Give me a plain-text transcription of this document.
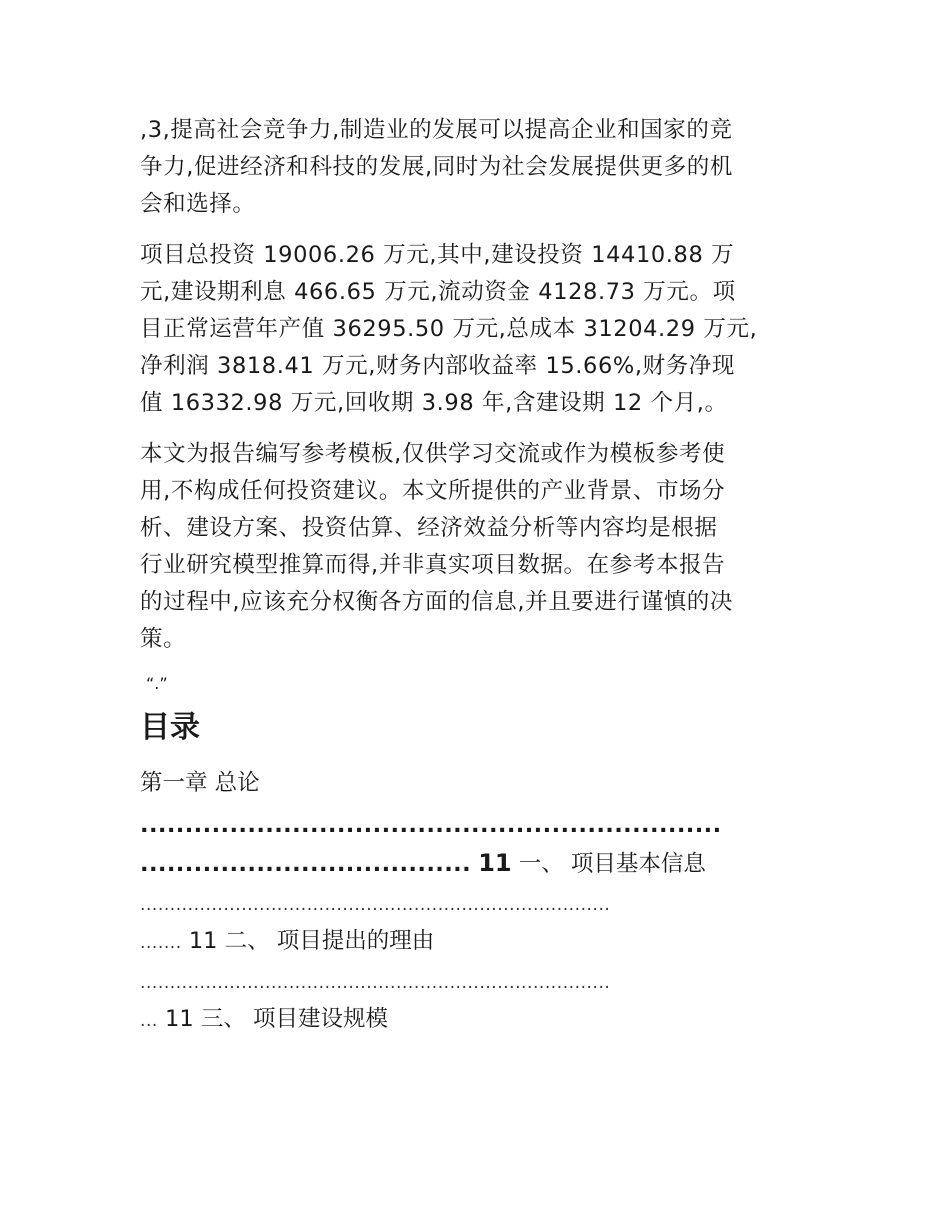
,3,提高社会竞争力,制造业的发展可以提高企业和国家的竞
争力,促进经济和科技的发展,同时为社会发展提供更多的机
会和选择。

项目总投资 19006.26 万元,其中,建设投资 14410.88 万
元,建设期利息 466.65 万元,流动资金 4128.73 万元。项
目正常运营年产值 36295.50 万元,总成本 31204.29 万元,
净利润 3818.41 万元,财务内部收益率 15.66%,财务净现
值 16332.98 万元,回收期 3.98 年,含建设期 12 个月,。

本文为报告编写参考模板,仅供学习交流或作为模板参考使
用,不构成任何投资建议。本文所提供的产业背景、市场分
析、建设方案、投资估算、经济效益分析等内容均是根据
行业研究模型推算而得,并非真实项目数据。在参考本报告
的过程中,应该充分权衡各方面的信息,并且要进行谨慎的决
策。

“.”
目录
第一章 总论
.................................................................
..................................... 11 一、 项目基本信息
...............................................................................
....... 11 二、 项目提出的理由
...............................................................................
... 11 三、 项目建设规模
